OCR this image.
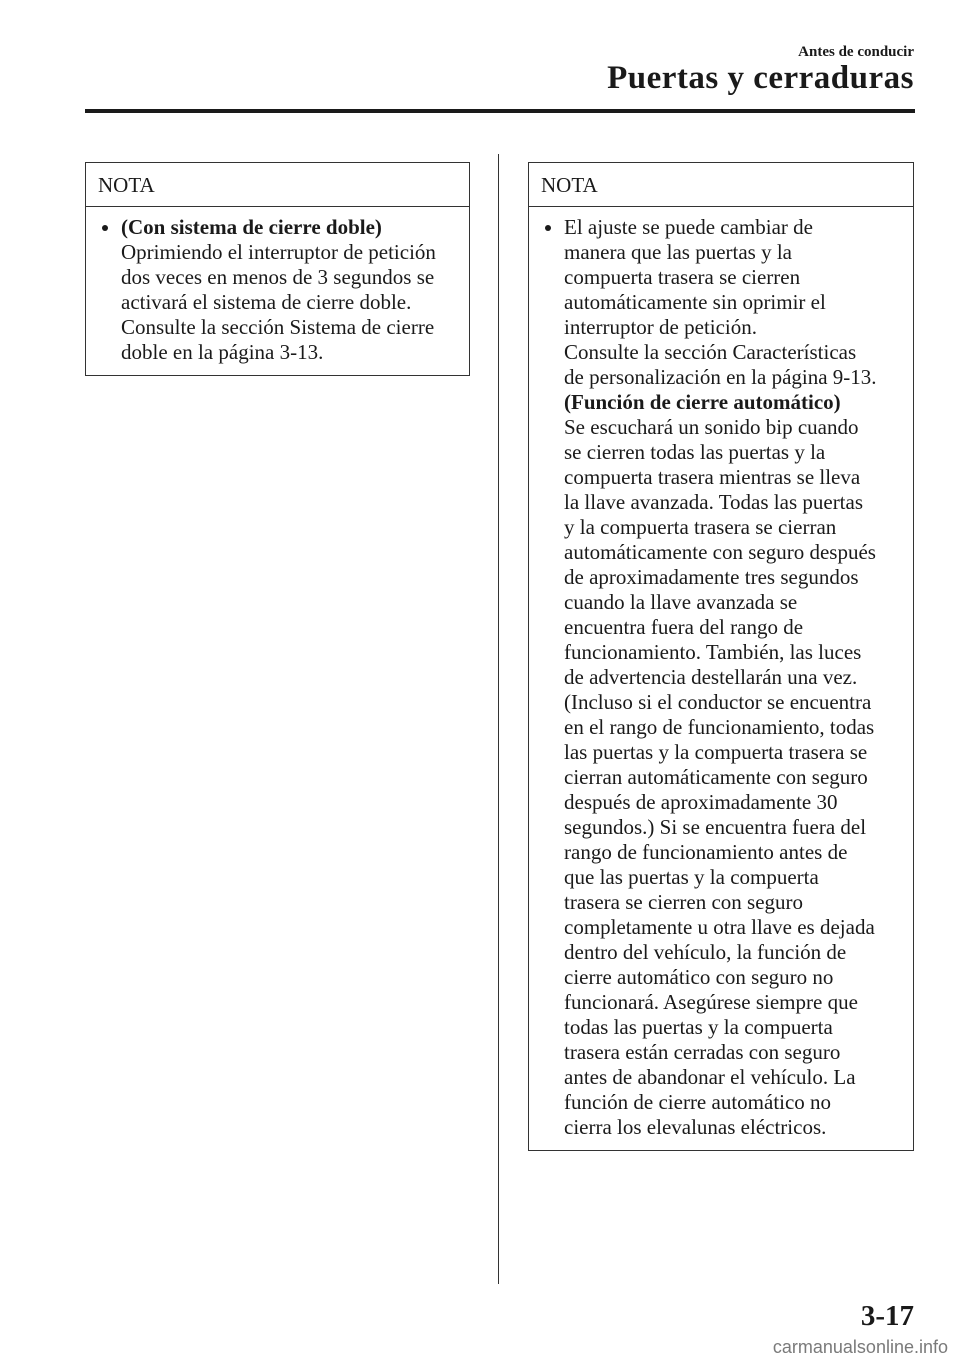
Antes de conducir
Puertas y cerraduras
NOTA
(Con sistema de cierre doble)
Oprimiendo el interruptor de petición
dos veces en menos de 3 segundos se
activará el sistema de cierre doble.
Consulte la sección Sistema de cierre
doble en la página 3-13.
NOTA
El ajuste se puede cambiar de
manera que las puertas y la
compuerta trasera se cierren
automáticamente sin oprimir el
interruptor de petición.
Consulte la sección Características
de personalización en la página 9-13.
(Función de cierre automático)
Se escuchará un sonido bip cuando
se cierren todas las puertas y la
compuerta trasera mientras se lleva
la llave avanzada. Todas las puertas
y la compuerta trasera se cierran
automáticamente con seguro después
de aproximadamente tres segundos
cuando la llave avanzada se
encuentra fuera del rango de
funcionamiento. También, las luces
de advertencia destellarán una vez.
(Incluso si el conductor se encuentra
en el rango de funcionamiento, todas
las puertas y la compuerta trasera se
cierran automáticamente con seguro
después de aproximadamente 30
segundos.) Si se encuentra fuera del
rango de funcionamiento antes de
que las puertas y la compuerta
trasera se cierren con seguro
completamente u otra llave es dejada
dentro del vehículo, la función de
cierre automático con seguro no
funcionará. Asegúrese siempre que
todas las puertas y la compuerta
trasera están cerradas con seguro
antes de abandonar el vehículo. La
función de cierre automático no
cierra los elevalunas eléctricos.
3-17
carmanualsonline.info
